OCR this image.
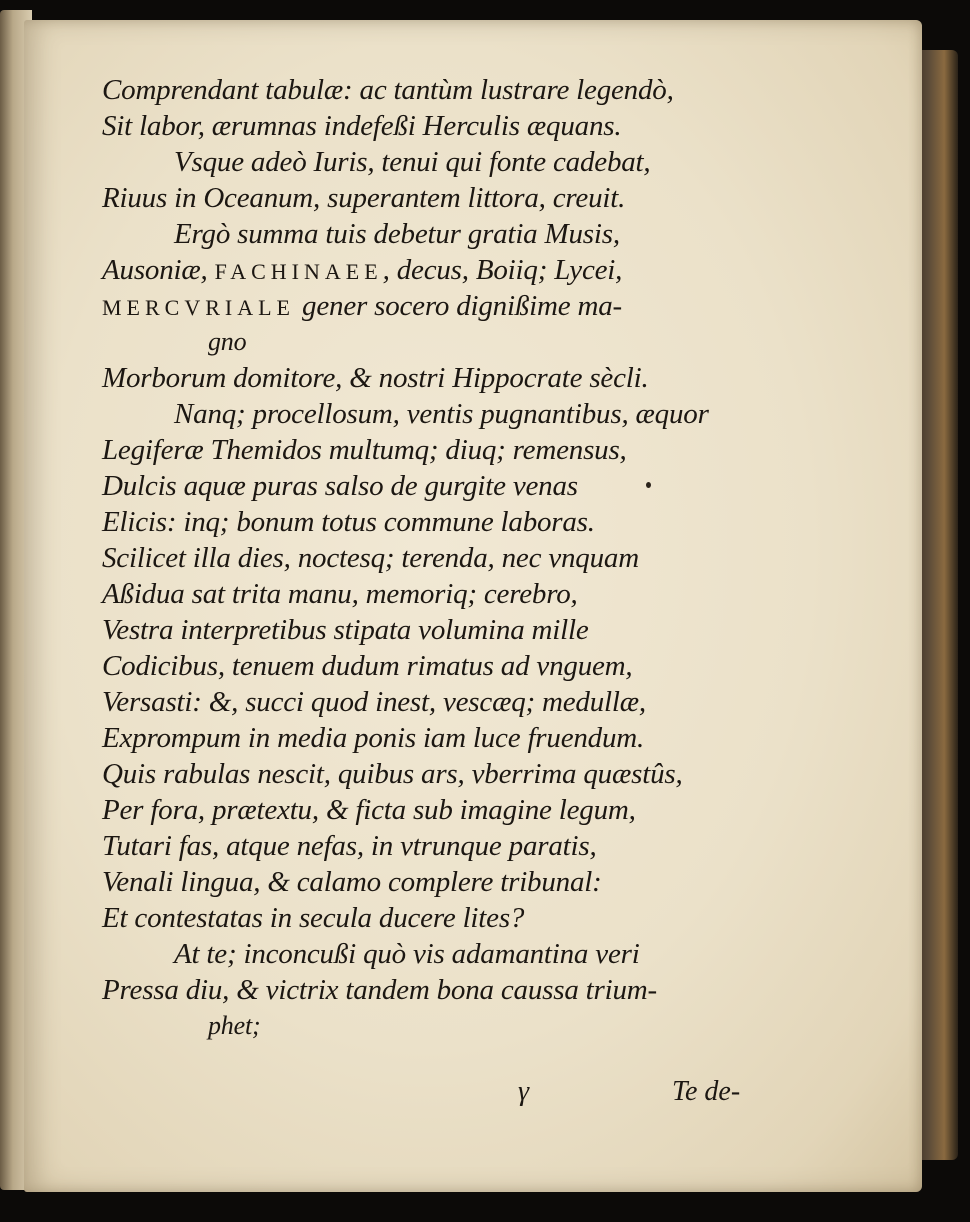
Comprendant tabulæ: ac tantùm lustrare legendò,
Sit labor, ærumnas indefeßi Herculis æquans.
Vsque adeò Iuris, tenui qui fonte cadebat,
Riuus in Oceanum, superantem littora, creuit.
Ergò summa tuis debetur gratia Musis,
Ausoniæ, FACHINAEE, decus, Boiiq; Lycei,
MERCVRIALE gener socero dignißime ma-
gno
Morborum domitore, & nostri Hippocrate sècli.
Nanq; procellosum, ventis pugnantibus, æquor
Legiferæ Themidos multumq; diuq; remensus,
Dulcis aquæ puras salso de gurgite venas
Elicis: inq; bonum totus commune laboras.
Scilicet illa dies, noctesq; terenda, nec vnquam
Aßidua sat trita manu, memoriq; cerebro,
Vestra interpretibus stipata volumina mille
Codicibus, tenuem dudum rimatus ad vnguem,
Versasti: &, succi quod inest, vescæq; medullæ,
Exprompum in media ponis iam luce fruendum.
Quis rabulas nescit, quibus ars, vberrima quæstûs,
Per fora, prætextu, & ficta sub imagine legum,
Tutari fas, atque nefas, in vtrunque paratis,
Venali lingua, & calamo complere tribunal:
Et contestatas in secula ducere lites?
At te; inconcußi quò vis adamantina veri
Pressa diu, & victrix tandem bona caussa trium-
phet;
γ	Te de-
